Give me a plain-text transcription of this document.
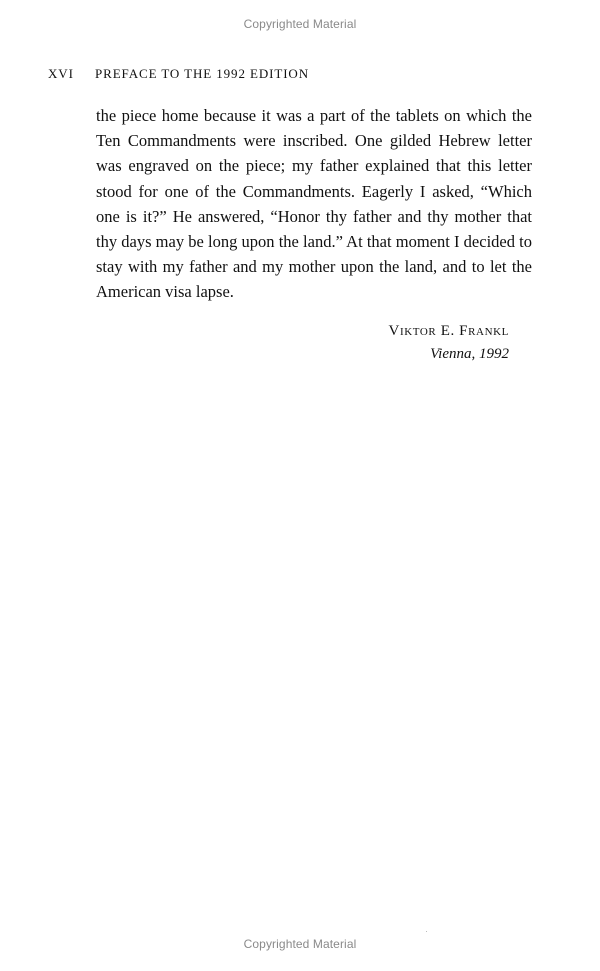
Copyrighted Material
XVI PREFACE TO THE 1992 EDITION

the piece home because it was a part of the tablets on which the Ten Commandments were inscribed. One gilded Hebrew letter was engraved on the piece; my father explained that this letter stood for one of the Commandments. Eagerly I asked, “Which one is it?” He answered, “Honor thy father and thy mother that thy days may be long upon the land.” At that moment I decided to stay with my father and my mother upon the land, and to let the American visa lapse.

Viktor E. Frankl
Vienna, 1992
Copyrighted Material
